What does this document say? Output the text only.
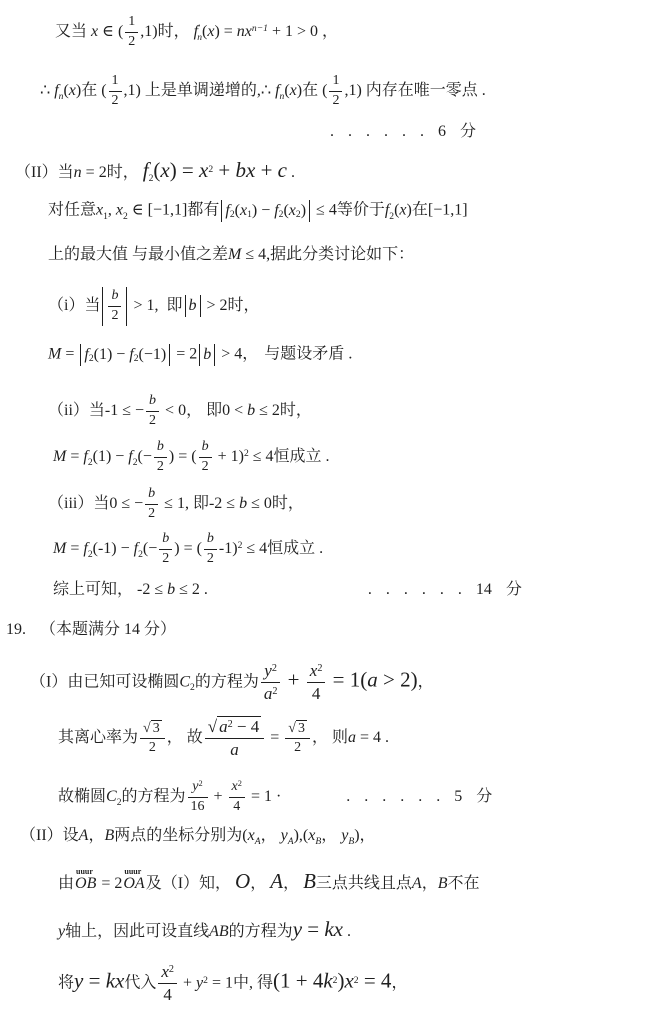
又当 x ∈ ( $\frac{1}{2} ,1$)时， $f'_n(x) = nx^{n-1} + 1 > 0$ ，
∴ $f_n(x)$在 ( $\frac{1}{2} ,1$) 上是单调递增的,∴ $f_n(x)$在 ( $\frac{1}{2} ,1$) 内存在唯一零点 .
. . . . . . 6 分
（II）当n = 2时， $f_2(x) = x^2$ + bx + c .
对任意$x_1$, $x_2$ ∈ [−1,1]都有 f 2 ( x 1 ) − f 2 ( x 2 ) ≤ 4等价于$f_2(x)$在[−1,1]
上的最大值 与最小值之差M ≤ 4,据此分类讨论如下：
（i）当 $\frac{b}{2} > 1$, 即 b > 2时，
M = f 2 (1) − f 2 (−1) = 2 b > 4， 与题设矛盾 .
（ii）当-1 ≤ − $\frac{b}{2} < 0$， 即0 < b ≤ 2时，
$M = f_2(1) - f_2(- \frac{b}{2}$ ) = ( $\frac{b}{2} + 1)^2 \le 4$恒成立 .
（iii）当0 ≤ − $\frac{b}{2} \le 1$, 即-2 ≤ b ≤ 0时，
$M = f_2(-1) - f_2(- \frac{b}{2}$ ) = ( $\frac{b}{2} -1)^2 \le 4$恒成立 .
综上可知， -2 ≤ b ≤ 2 .	. . . . . . 14 分
19. （本题满分 14 分）
（I）由已知可设椭圆$C_2$的方程为 $\frac{y^2}{a^2} + \frac{x^2}{4} = 1(a > 2)$，
其离心率为 $\frac{√ 3}{2}$ ， 故 $\frac{√ a^2 - 4}{a} = \frac{√ 3}{2}$ ， 则a = 4 .
故椭圆$C_2$的方程为 $\frac{y^2}{16} + \frac{x^2}{4} = 1$ ·	. . . . . . 5 分
（II）设A，B两点的坐标分别为($x_A$， $y_A),(x_B$， $y_B$)，
由
uuur
OB = 2
uuur
OA及（I）知， O， A， B三点共线且点A，B不在
y轴上，因此可设直线AB的方程为y = kx .
将y = kx代入 $\frac{x^2}{4} + y^2 = 1$中, 得$(1 + 4k^2)x^2 = 4$，
